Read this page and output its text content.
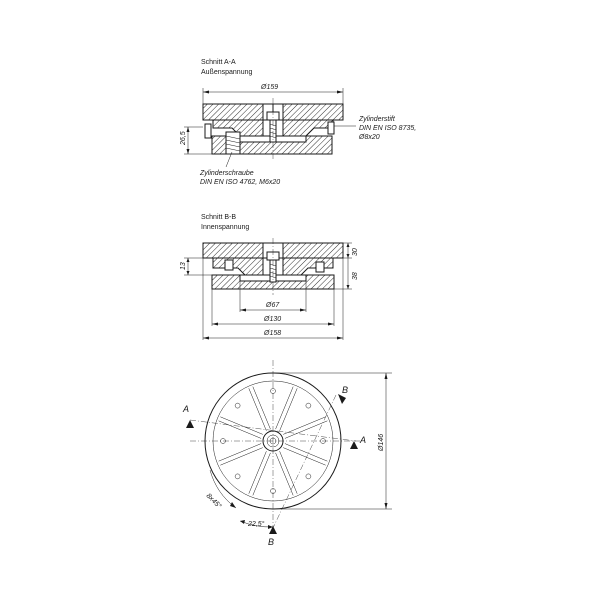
Schnitt A-A
Außenspannung
Ø159
26,5
Zylinderstift
DIN EN ISO 8735,
Ø8x20
Zylinderschraube
DIN EN ISO 4762, M6x20
Schnitt B-B
Innenspannung
30
38
13
Ø67
Ø130
Ø158
A
A
B
B
Ø146
8x45°
22,5°
